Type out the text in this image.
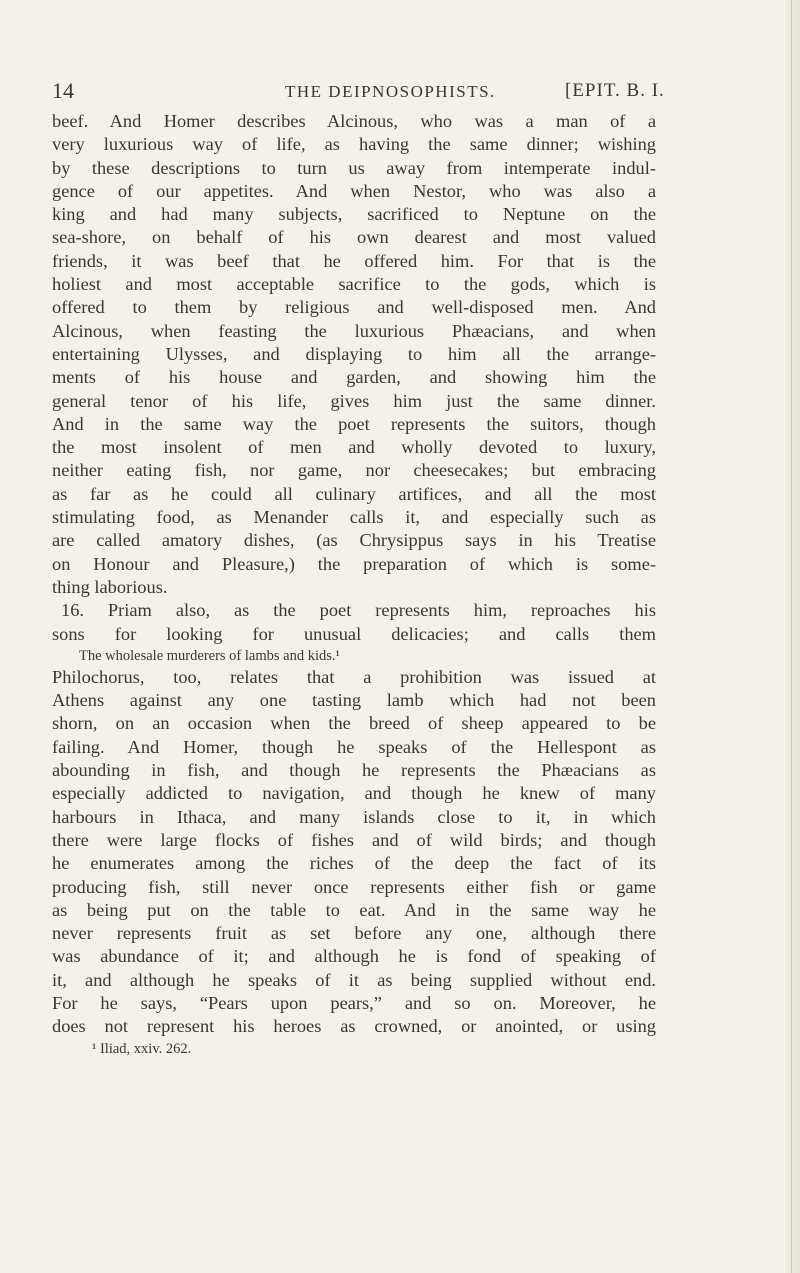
14	THE DEIPNOSOPHISTS.	[EPIT. B. I.
beef. And Homer describes Alcinous, who was a man of a
very luxurious way of life, as having the same dinner; wishing
by these descriptions to turn us away from intemperate indul-
gence of our appetites. And when Nestor, who was also a
king and had many subjects, sacrificed to Neptune on the
sea-shore, on behalf of his own dearest and most valued
friends, it was beef that he offered him. For that is the
holiest and most acceptable sacrifice to the gods, which is
offered to them by religious and well-disposed men. And
Alcinous, when feasting the luxurious Phæacians, and when
entertaining Ulysses, and displaying to him all the arrange-
ments of his house and garden, and showing him the
general tenor of his life, gives him just the same dinner.
And in the same way the poet represents the suitors, though
the most insolent of men and wholly devoted to luxury,
neither eating fish, nor game, nor cheesecakes; but embracing
as far as he could all culinary artifices, and all the most
stimulating food, as Menander calls it, and especially such as
are called amatory dishes, (as Chrysippus says in his Treatise
on Honour and Pleasure,) the preparation of which is some-
thing laborious.
16. Priam also, as the poet represents him, reproaches his
sons for looking for unusual delicacies; and calls them
The wholesale murderers of lambs and kids.¹
Philochorus, too, relates that a prohibition was issued at
Athens against any one tasting lamb which had not been
shorn, on an occasion when the breed of sheep appeared to be
failing. And Homer, though he speaks of the Hellespont as
abounding in fish, and though he represents the Phæacians as
especially addicted to navigation, and though he knew of many
harbours in Ithaca, and many islands close to it, in which
there were large flocks of fishes and of wild birds; and though
he enumerates among the riches of the deep the fact of its
producing fish, still never once represents either fish or game
as being put on the table to eat. And in the same way he
never represents fruit as set before any one, although there
was abundance of it; and although he is fond of speaking of
it, and although he speaks of it as being supplied without end.
For he says, “Pears upon pears,” and so on. Moreover, he
does not represent his heroes as crowned, or anointed, or using
¹ Iliad, xxiv. 262.
